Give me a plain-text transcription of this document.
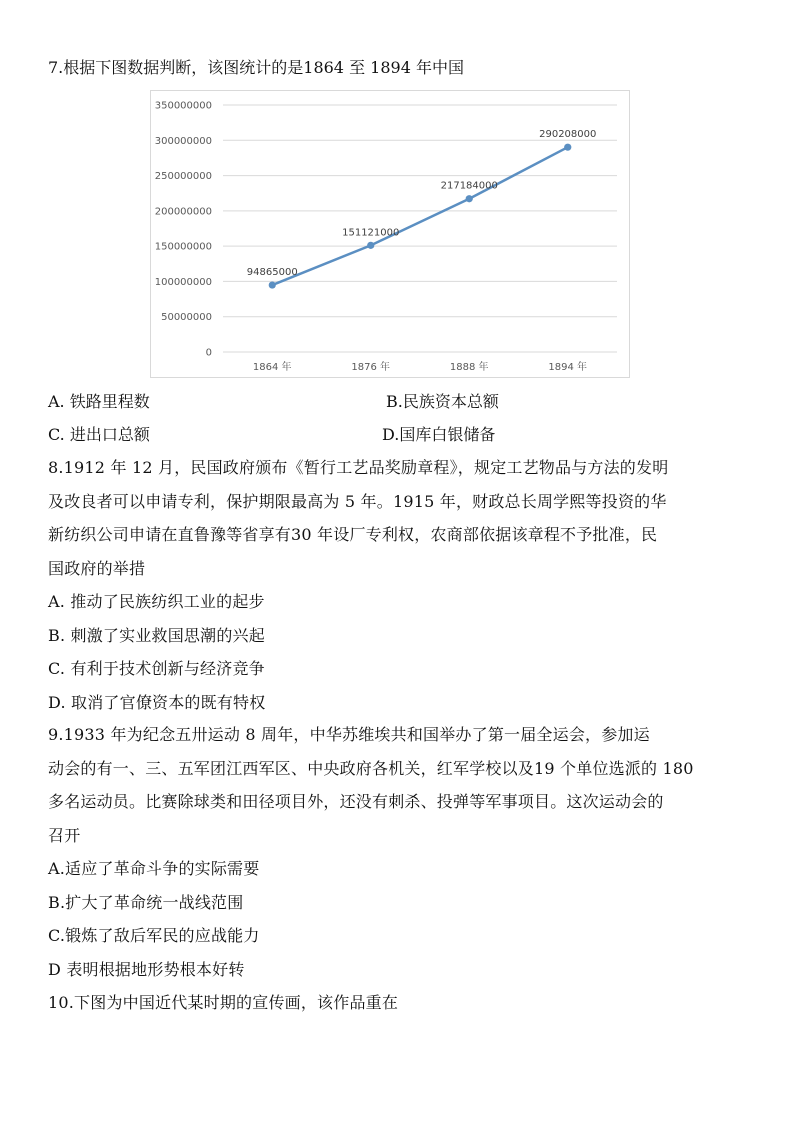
7.根据下图数据判断，该图统计的是1864 至 1894 年中国
0
50000000
100000000
150000000
200000000
250000000
300000000
350000000
1864 年	1876 年	1888 年	1894 年
94865000
151121000
217184000
290208000
A. 铁路里程数	B.民族资本总额
C. 进出口总额	D.国库白银储备
8.1912 年 12 月，民国政府颁布《暂行工艺品奖励章程》，规定工艺物品与方法的发明
及改良者可以申请专利，保护期限最高为 5 年。1915 年，财政总长周学熙等投资的华
新纺织公司申请在直鲁豫等省享有30 年设厂专利权，农商部依据该章程不予批准，民
国政府的举措
A. 推动了民族纺织工业的起步
B. 刺激了实业救国思潮的兴起
C. 有利于技术创新与经济竞争
D. 取消了官僚资本的既有特权
9.1933 年为纪念五卅运动 8 周年，中华苏维埃共和国举办了第一届全运会，参加运
动会的有一、三、五军团江西军区、中央政府各机关，红军学校以及19 个单位选派的 180
多名运动员。比赛除球类和田径项目外，还没有刺杀、投弹等军事项目。这次运动会的
召开
A.适应了革命斗争的实际需要
B.扩大了革命统一战线范围
C.锻炼了敌后军民的应战能力
D 表明根据地形势根本好转
10.下图为中国近代某时期的宣传画，该作品重在
